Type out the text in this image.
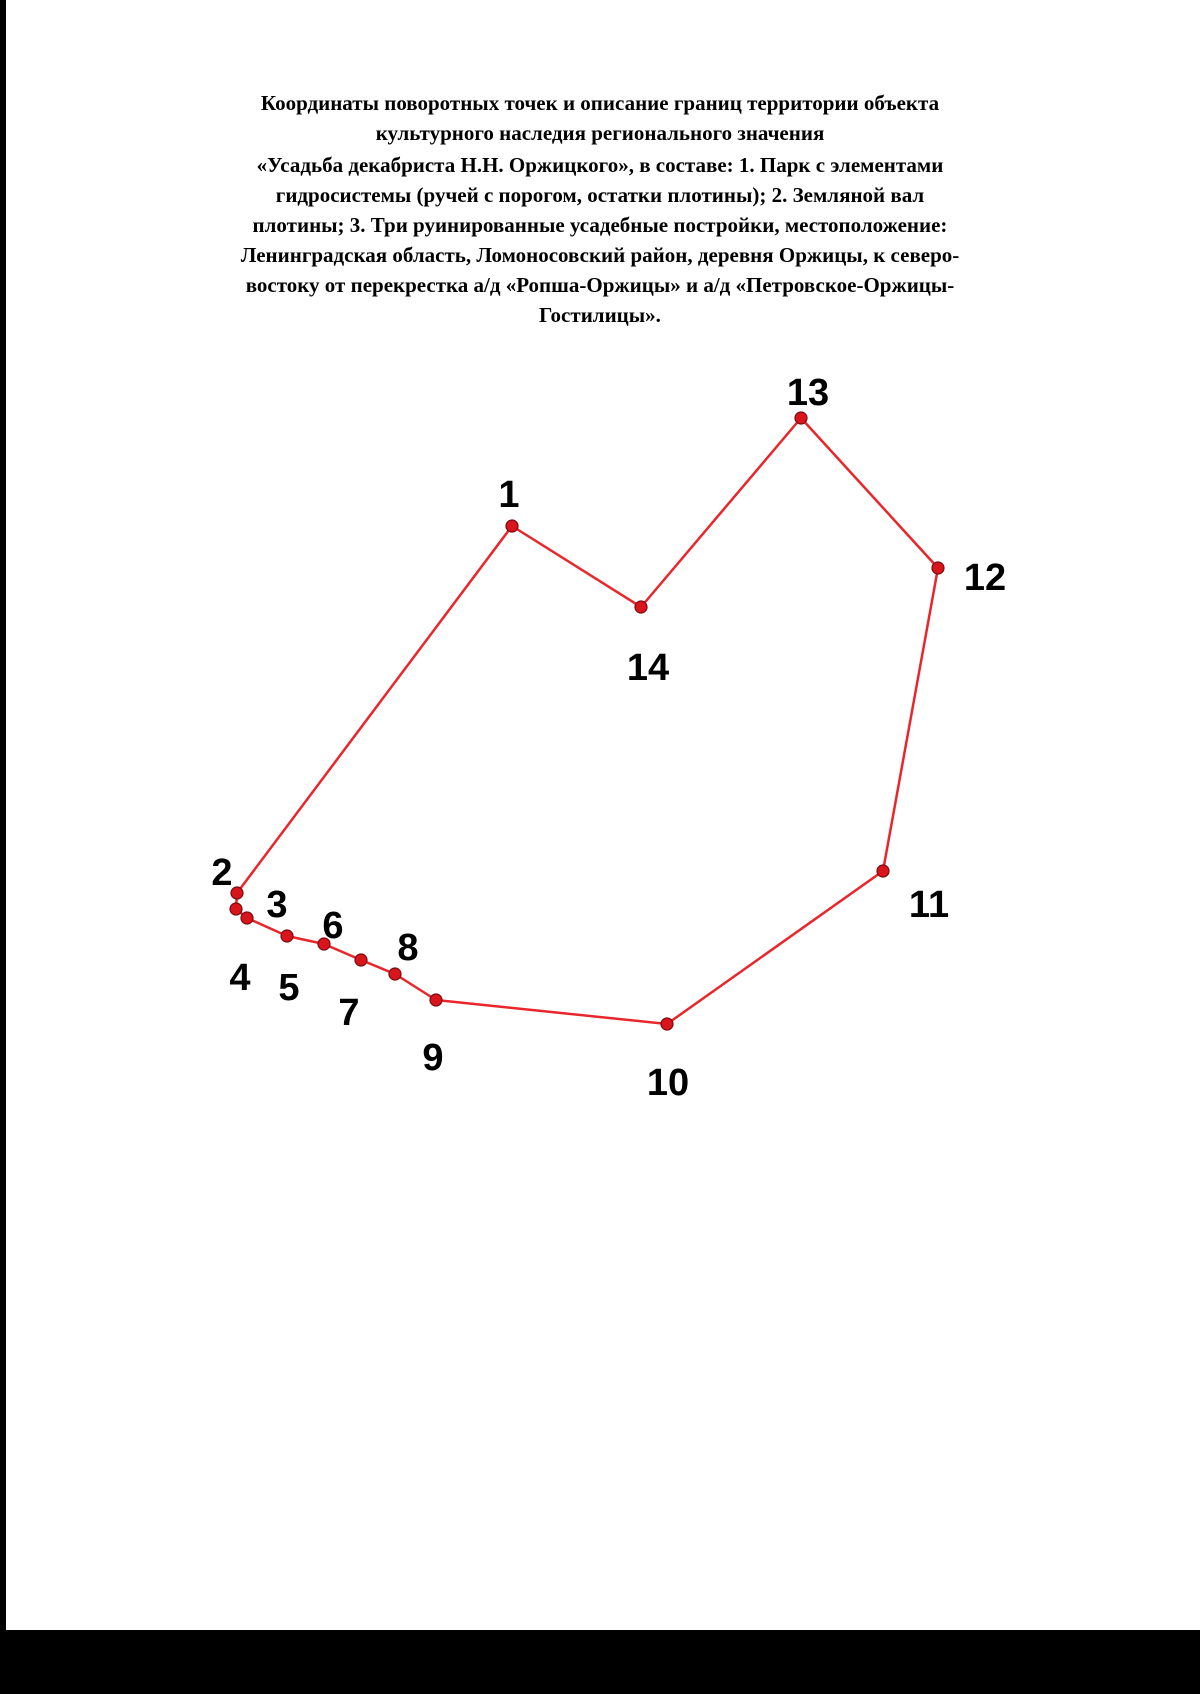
Координаты поворотных точек и описание границ территории объекта
культурного наследия регионального значения
«Усадьба декабриста Н.Н. Оржицкого», в составе: 1. Парк с элементами
гидросистемы (ручей с порогом, остатки плотины); 2. Земляной вал
плотины; 3. Три руинированные усадебные постройки, местоположение:
Ленинградская область, Ломоносовский район, деревня Оржицы, к северо-
востоку от перекрестка а/д «Ропша-Оржицы» и а/д «Петровское-Оржицы-
Гостилицы».
1
2
3
4 5
6
7
8
9
10
11
12
13
14
